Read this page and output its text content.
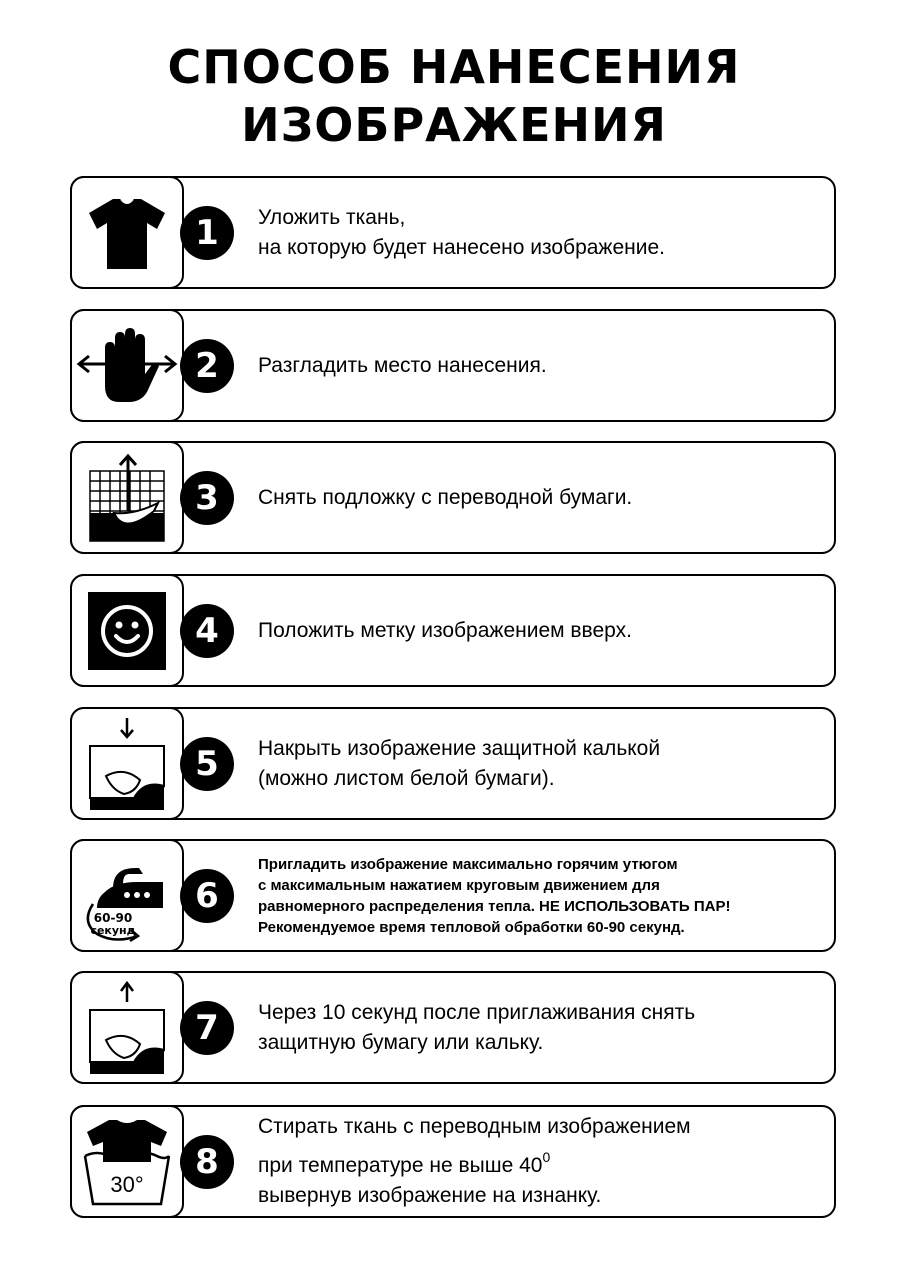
СПОСОБ НАНЕСЕНИЯ
ИЗОБРАЖЕНИЯ
1	Уложить ткань,
на которую будет нанесено изображение.
2	Разгладить место нанесения.
3	Снять подложку с переводной бумаги.
4	Положить метку изображением вверх.
5	Накрыть изображение защитной калькой
(можно листом белой бумаги).
60-90
секунд
6
Пригладить изображение максимально горячим утюгом
с максимальным нажатием круговым движением для
равномерного распределения тепла. НЕ ИСПОЛЬЗОВАТЬ ПАР!
Рекомендуемое время тепловой обработки 60-90 секунд.
7	Через 10 секунд после приглаживания снять
защитную бумагу или кальку.
30°
8
Стирать ткань с переводным изображением
при температуре не выше $40^0$
вывернув изображение на изнанку.
